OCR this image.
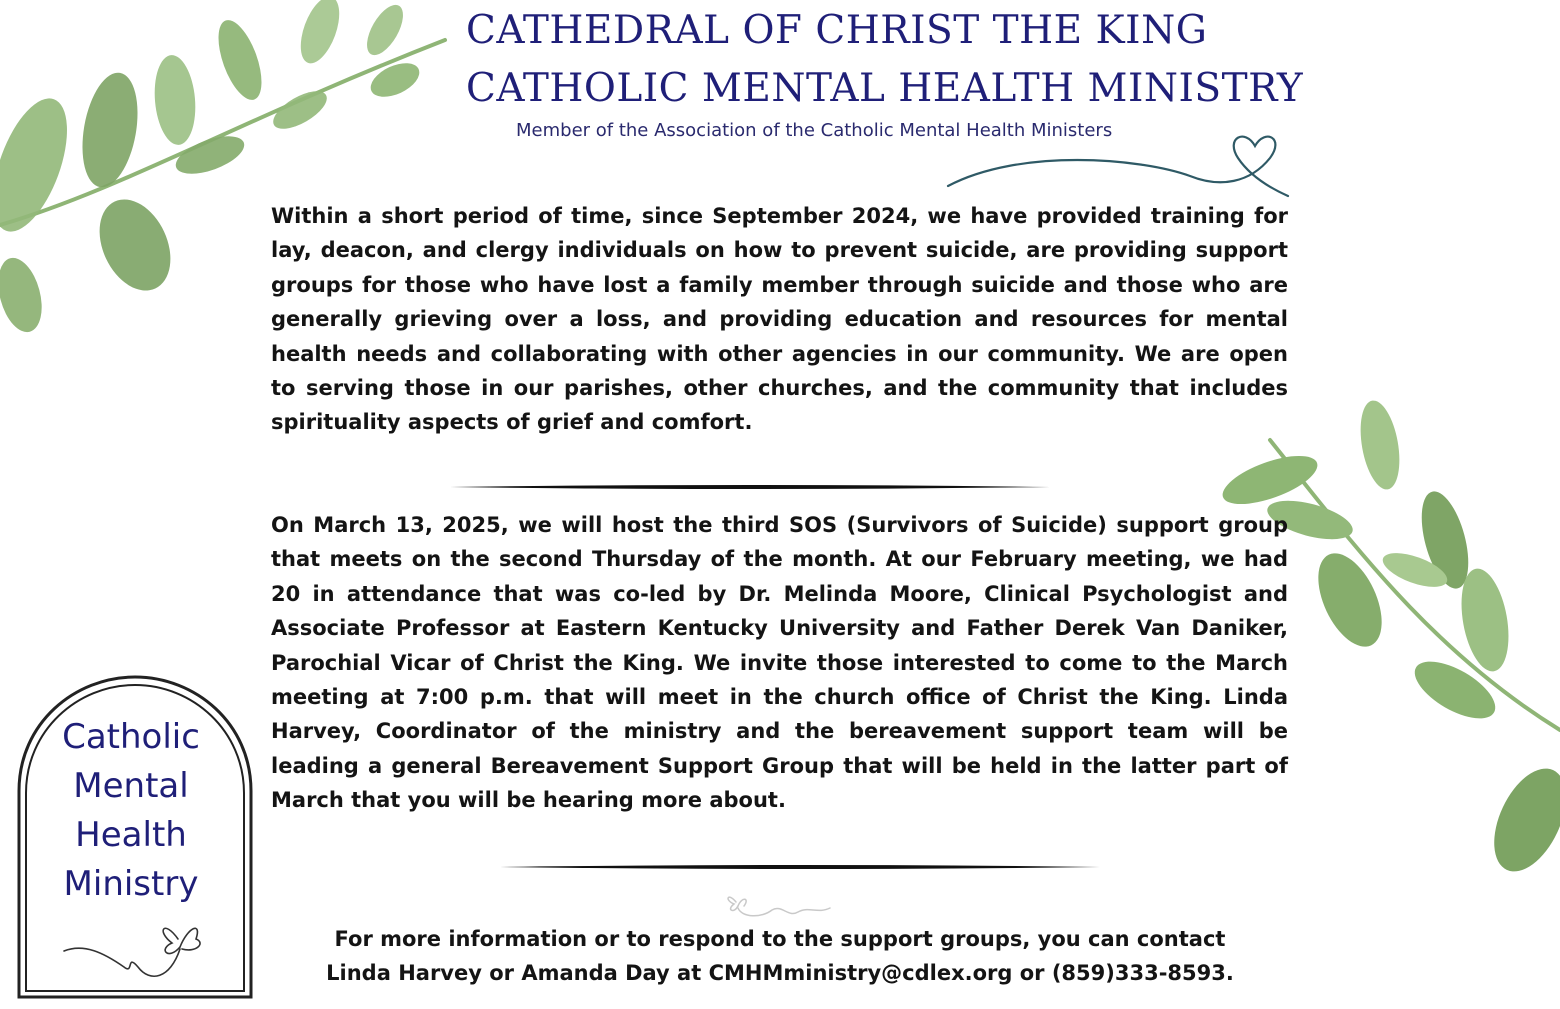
CATHEDRAL OF CHRIST THE KING
CATHOLIC MENTAL HEALTH MINISTRY
Member of the Association of the Catholic Mental Health Ministers

Within a short period of time, since September 2024, we have provided training for lay, deacon, and clergy individuals on how to prevent suicide, are providing support groups for those who have lost a family member through suicide and those who are generally grieving over a loss, and providing education and resources for mental health needs and collaborating with other agencies in our community. We are open to serving those in our parishes, other churches, and the community that includes spirituality aspects of grief and comfort.

On March 13, 2025, we will host the third SOS (Survivors of Suicide) support group that meets on the second Thursday of the month. At our February meeting, we had 20 in attendance that was co-led by Dr. Melinda Moore, Clinical Psychologist and Associate Professor at Eastern Kentucky University and Father Derek Van Daniker, Parochial Vicar of Christ the King. We invite those interested to come to the March meeting at 7:00 p.m. that will meet in the church office of Christ the King. Linda Harvey, Coordinator of the ministry and the bereavement support team will be leading a general Bereavement Support Group that will be held in the latter part of March that you will be hearing more about.

For more information or to respond to the support groups, you can contact
Linda Harvey or Amanda Day at CMHMministry@cdlex.org or (859)333-8593.

Catholic
Mental
Health
Ministry
